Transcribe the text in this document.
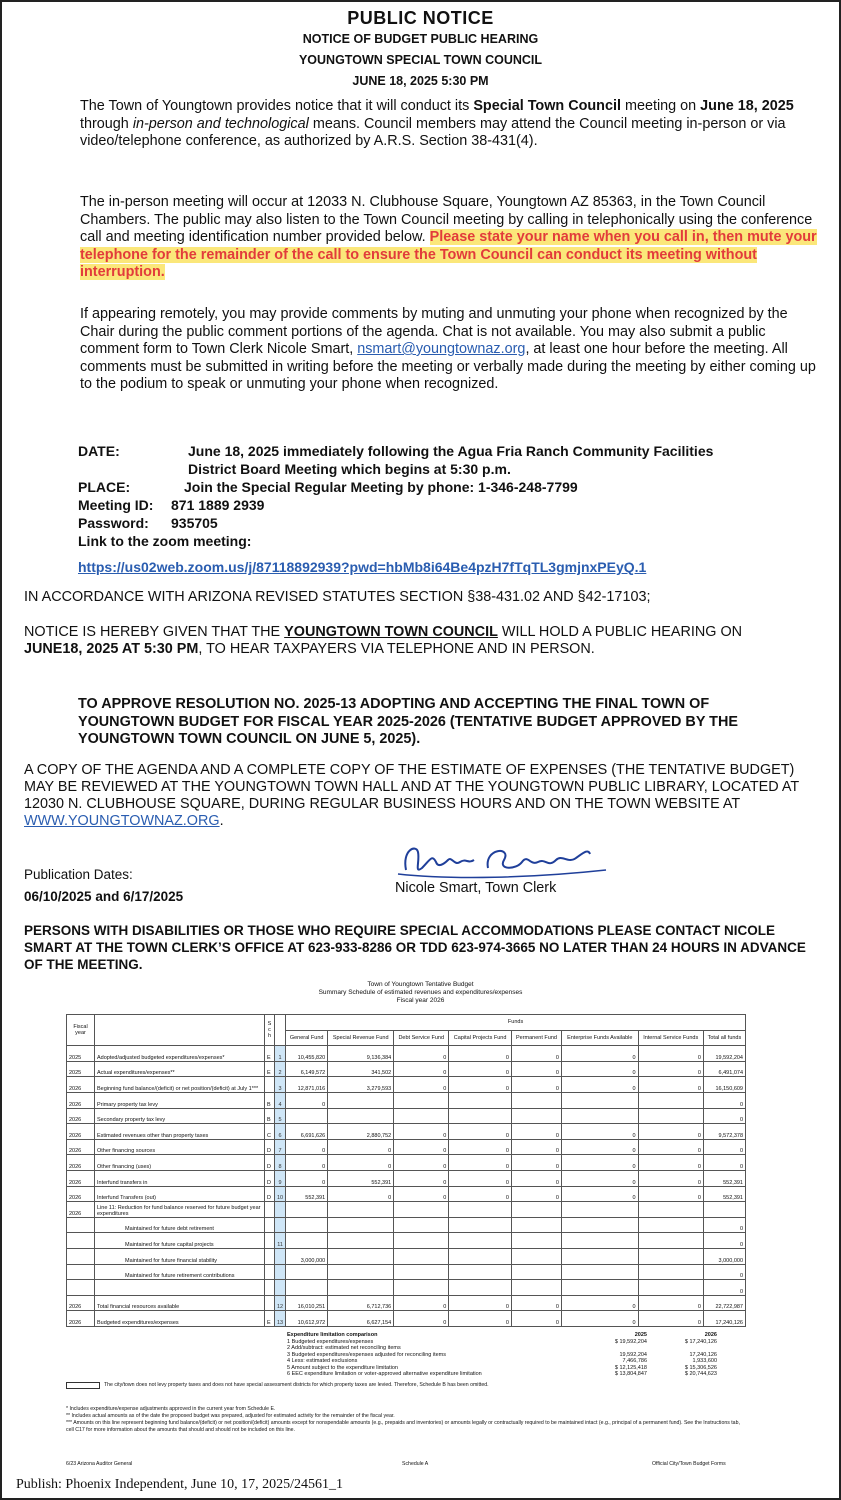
PUBLIC NOTICE
NOTICE OF BUDGET PUBLIC HEARING
YOUNGTOWN SPECIAL TOWN COUNCIL
JUNE 18, 2025 5:30 PM
The Town of Youngtown provides notice that it will conduct its Special Town Council meeting on June 18, 2025 through in-person and technological means. Council members may attend the Council meeting in-person or via video/telephone conference, as authorized by A.R.S. Section 38-431(4).
The in-person meeting will occur at 12033 N. Clubhouse Square, Youngtown AZ 85363, in the Town Council Chambers. The public may also listen to the Town Council meeting by calling in telephonically using the conference call and meeting identification number provided below. Please state your name when you call in, then mute your telephone for the remainder of the call to ensure the Town Council can conduct its meeting without interruption.
If appearing remotely, you may provide comments by muting and unmuting your phone when recognized by the Chair during the public comment portions of the agenda. Chat is not available. You may also submit a public comment form to Town Clerk Nicole Smart, nsmart@youngtownaz.org, at least one hour before the meeting. All comments must be submitted in writing before the meeting or verbally made during the meeting by either coming up to the podium to speak or unmuting your phone when recognized.
DATE:	June 18, 2025 immediately following the Agua Fria Ranch Community Facilities
District Board Meeting which begins at 5:30 p.m.
PLACE:	Join the Special Regular Meeting by phone: 1-346-248-7799
Meeting ID: 871 1889 2939
Password: 935705
Link to the zoom meeting:
https://us02web.zoom.us/j/87118892939?pwd=hbMb8i64Be4pzH7fTqTL3gmjnxPEyQ.1
IN ACCORDANCE WITH ARIZONA REVISED STATUTES SECTION §38-431.02 AND §42-17103;
NOTICE IS HEREBY GIVEN THAT THE YOUNGTOWN TOWN COUNCIL WILL HOLD A PUBLIC HEARING ON JUNE18, 2025 AT 5:30 PM, TO HEAR TAXPAYERS VIA TELEPHONE AND IN PERSON.
TO APPROVE RESOLUTION NO. 2025-13 ADOPTING AND ACCEPTING THE FINAL TOWN OF YOUNGTOWN BUDGET FOR FISCAL YEAR 2025-2026 (TENTATIVE BUDGET APPROVED BY THE YOUNGTOWN TOWN COUNCIL ON JUNE 5, 2025).
A COPY OF THE AGENDA AND A COMPLETE COPY OF THE ESTIMATE OF EXPENSES (THE TENTATIVE BUDGET) MAY BE REVIEWED AT THE YOUNGTOWN TOWN HALL AND AT THE YOUNGTOWN PUBLIC LIBRARY, LOCATED AT 12030 N. CLUBHOUSE SQUARE, DURING REGULAR BUSINESS HOURS AND ON THE TOWN WEBSITE AT WWW.YOUNGTOWNAZ.ORG.
Publication Dates:
06/10/2025 and 6/17/2025
Nicole Smart, Town Clerk
PERSONS WITH DISABILITIES OR THOSE WHO REQUIRE SPECIAL ACCOMMODATIONS PLEASE CONTACT NICOLE SMART AT THE TOWN CLERK’S OFFICE AT 623-933-8286 OR TDD 623-974-3665 NO LATER THAN 24 HOURS IN ADVANCE OF THE MEETING.
Town of Youngtown Tentative Budget
Summary Schedule of estimated revenues and expenditures/expenses
Fiscal year 2026
Fiscal year		S c h		Funds							
				General Fund	Special Revenue Fund	Debt Service Fund	Capital Projects Fund	Permanent Fund	Enterprise Funds Available	Internal Service Funds	Total all funds
2025	Adopted/adjusted budgeted expenditures/expenses*	E	1	10,455,820	9,136,384	0	0	0	0	0	19,592,204
2025	Actual expenditures/expenses**	E	2	6,149,572	341,502	0	0	0	0	0	6,491,074
2026	Beginning fund balance/(deficit) or net position/(deficit) at July 1***		3	12,871,016	3,279,593	0	0	0	0	0	16,150,609
2026	Primary property tax levy	B	4	0							0
2026	Secondary property tax levy	B	5								0
2026	Estimated revenues other than property taxes	C	6	6,691,626	2,880,752	0	0	0	0	0	9,572,378
2026	Other financing sources	D	7	0	0	0	0	0	0	0	0
2026	Other financing (uses)	D	8	0	0	0	0	0	0	0	0
2026	Interfund transfers in	D	9	0	552,391	0	0	0	0	0	552,391
2026	Interfund Transfers (out)	D	10	552,391	0	0	0	0	0	0	552,391
2026	Line 11: Reduction for fund balance reserved for future budget year expenditures										
	Maintained for future debt retirement										0
	Maintained for future capital projects		11								0
	Maintained for future financial stability			3,000,000							3,000,000
	Maintained for future retirement contributions										0
											0
2026	Total financial resources available		12	16,010,251	6,712,736	0	0	0	0	0	22,722,987
2026	Budgeted expenditures/expenses	E	13	10,612,972	6,627,154	0	0	0	0	0	17,240,126
Expenditure limitation comparison	2025	2026
1 Budgeted expenditures/expenses	$ 19,592,204	$ 17,240,126
2 Add/subtract: estimated net reconciling items
3 Budgeted expenditures/expenses adjusted for reconciling items	19,592,204	17,240,126
4 Less: estimated exclusions	7,466,786	1,933,600
5 Amount subject to the expenditure limitation	$ 12,125,418	$ 15,306,526
6 EEC expenditure limitation or voter-approved alternative expenditure limitation	$ 13,804,847	$ 20,744,623
The city/town does not levy property taxes and does not have special assessment districts for which property taxes are levied. Therefore, Schedule B has been omitted.
* Includes expenditure/expense adjustments approved in the current year from Schedule E.
** Includes actual amounts as of the date the proposed budget was prepared, adjusted for estimated activity for the remainder of the fiscal year.
*** Amounts on this line represent beginning fund balance/(deficit) or net position/(deficit) amounts except for nonspendable amounts (e.g., prepaids and inventories) or amounts legally or contractually required to be maintained intact (e.g., principal of a permanent fund). See the Instructions tab, cell C17 for more information about the amounts that should and should not be included on this line.
6/23 Arizona Auditor General	Schedule A	Official City/Town Budget Forms
Publish: Phoenix Independent, June 10, 17, 2025/24561_1
